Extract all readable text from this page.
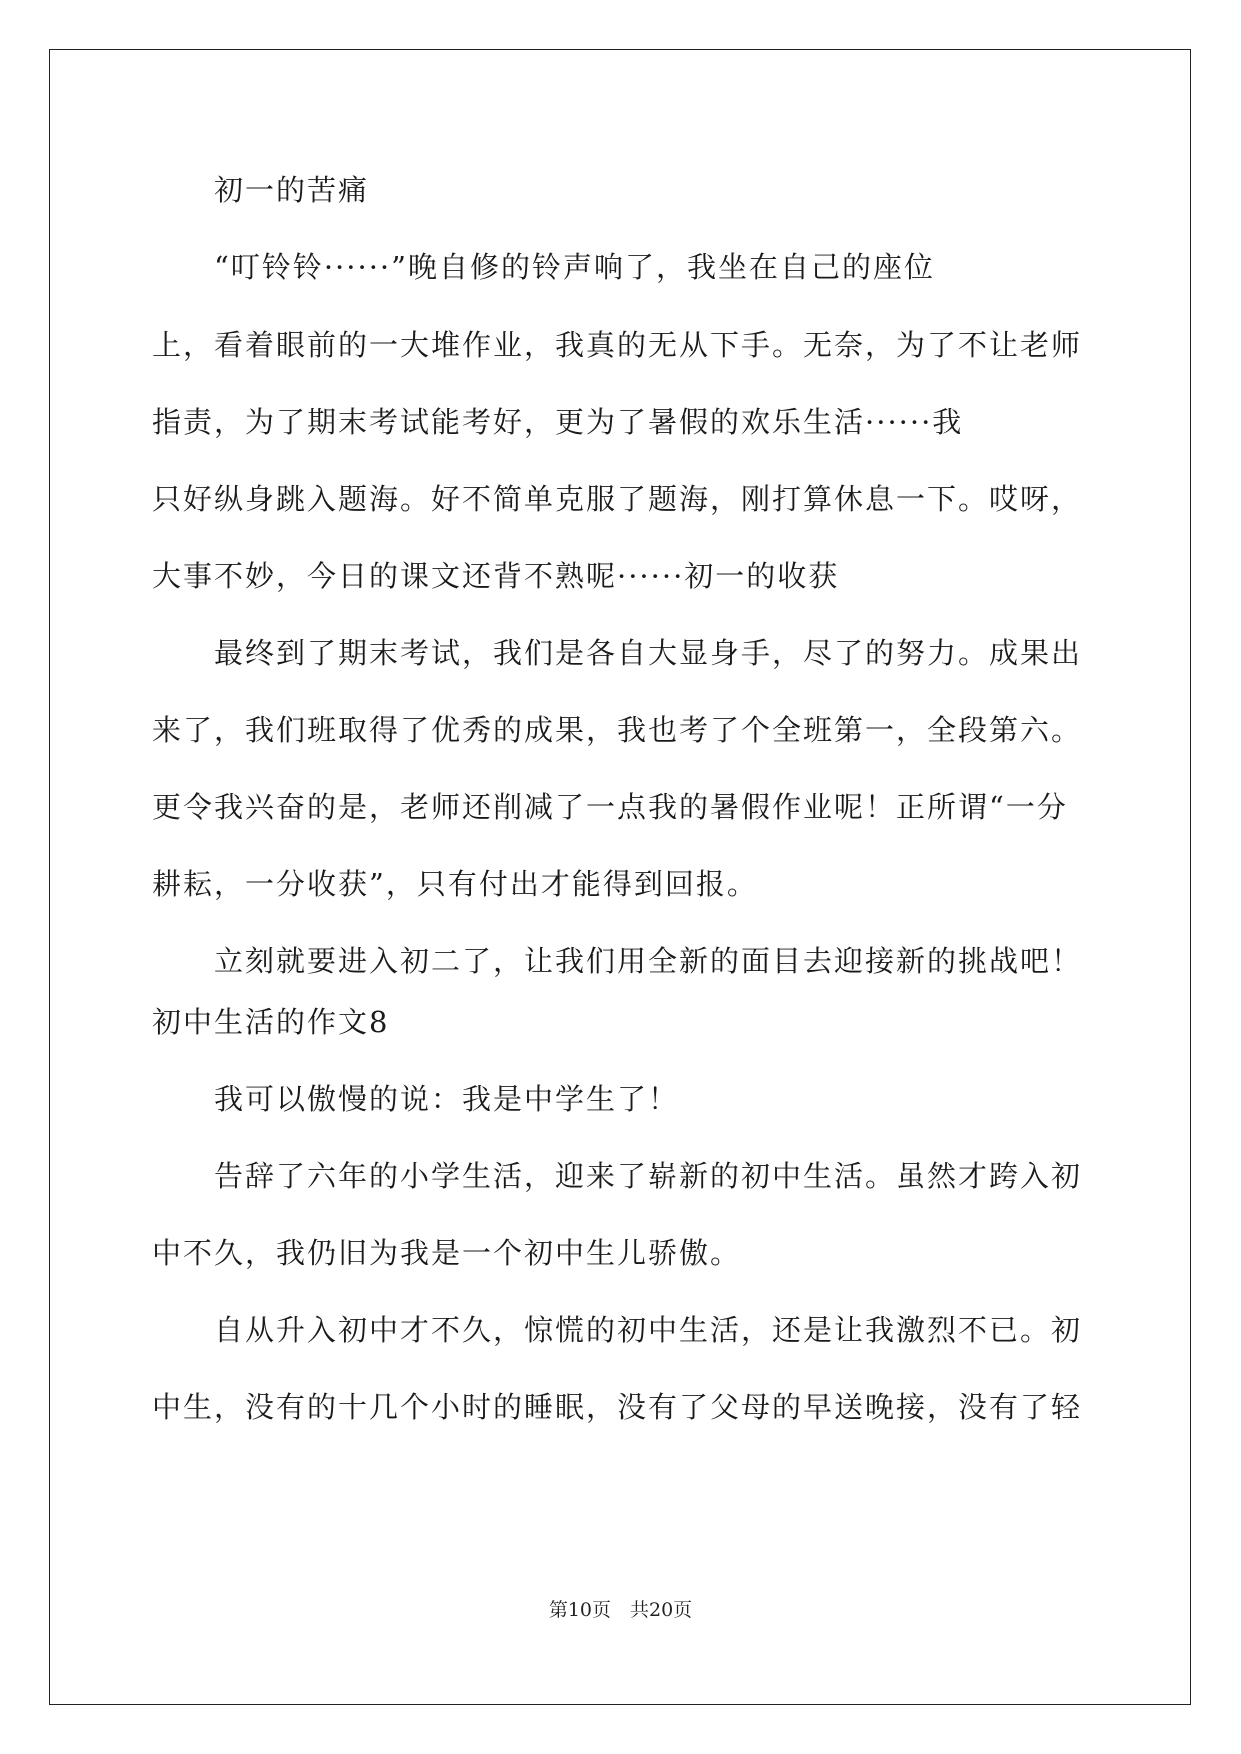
初一的苦痛
“叮铃铃······”晚自修的铃声响了，我坐在自己的座位
上，看着眼前的一大堆作业，我真的无从下手。无奈，为了不让老师
指责，为了期末考试能考好，更为了暑假的欢乐生活······我
只好纵身跳入题海。好不简单克服了题海，刚打算休息一下。哎呀，
大事不妙，今日的课文还背不熟呢······初一的收获
最终到了期末考试，我们是各自大显身手，尽了的努力。成果出
来了，我们班取得了优秀的成果，我也考了个全班第一，全段第六。
更令我兴奋的是，老师还削减了一点我的暑假作业呢！正所谓“一分
耕耘，一分收获”，只有付出才能得到回报。
立刻就要进入初二了，让我们用全新的面目去迎接新的挑战吧！
初中生活的作文8
我可以傲慢的说：我是中学生了！
告辞了六年的小学生活，迎来了崭新的初中生活。虽然才跨入初
中不久，我仍旧为我是一个初中生儿骄傲。
自从升入初中才不久，惊慌的初中生活，还是让我激烈不已。初
中生，没有的十几个小时的睡眠，没有了父母的早送晚接，没有了轻
第10页　共20页
